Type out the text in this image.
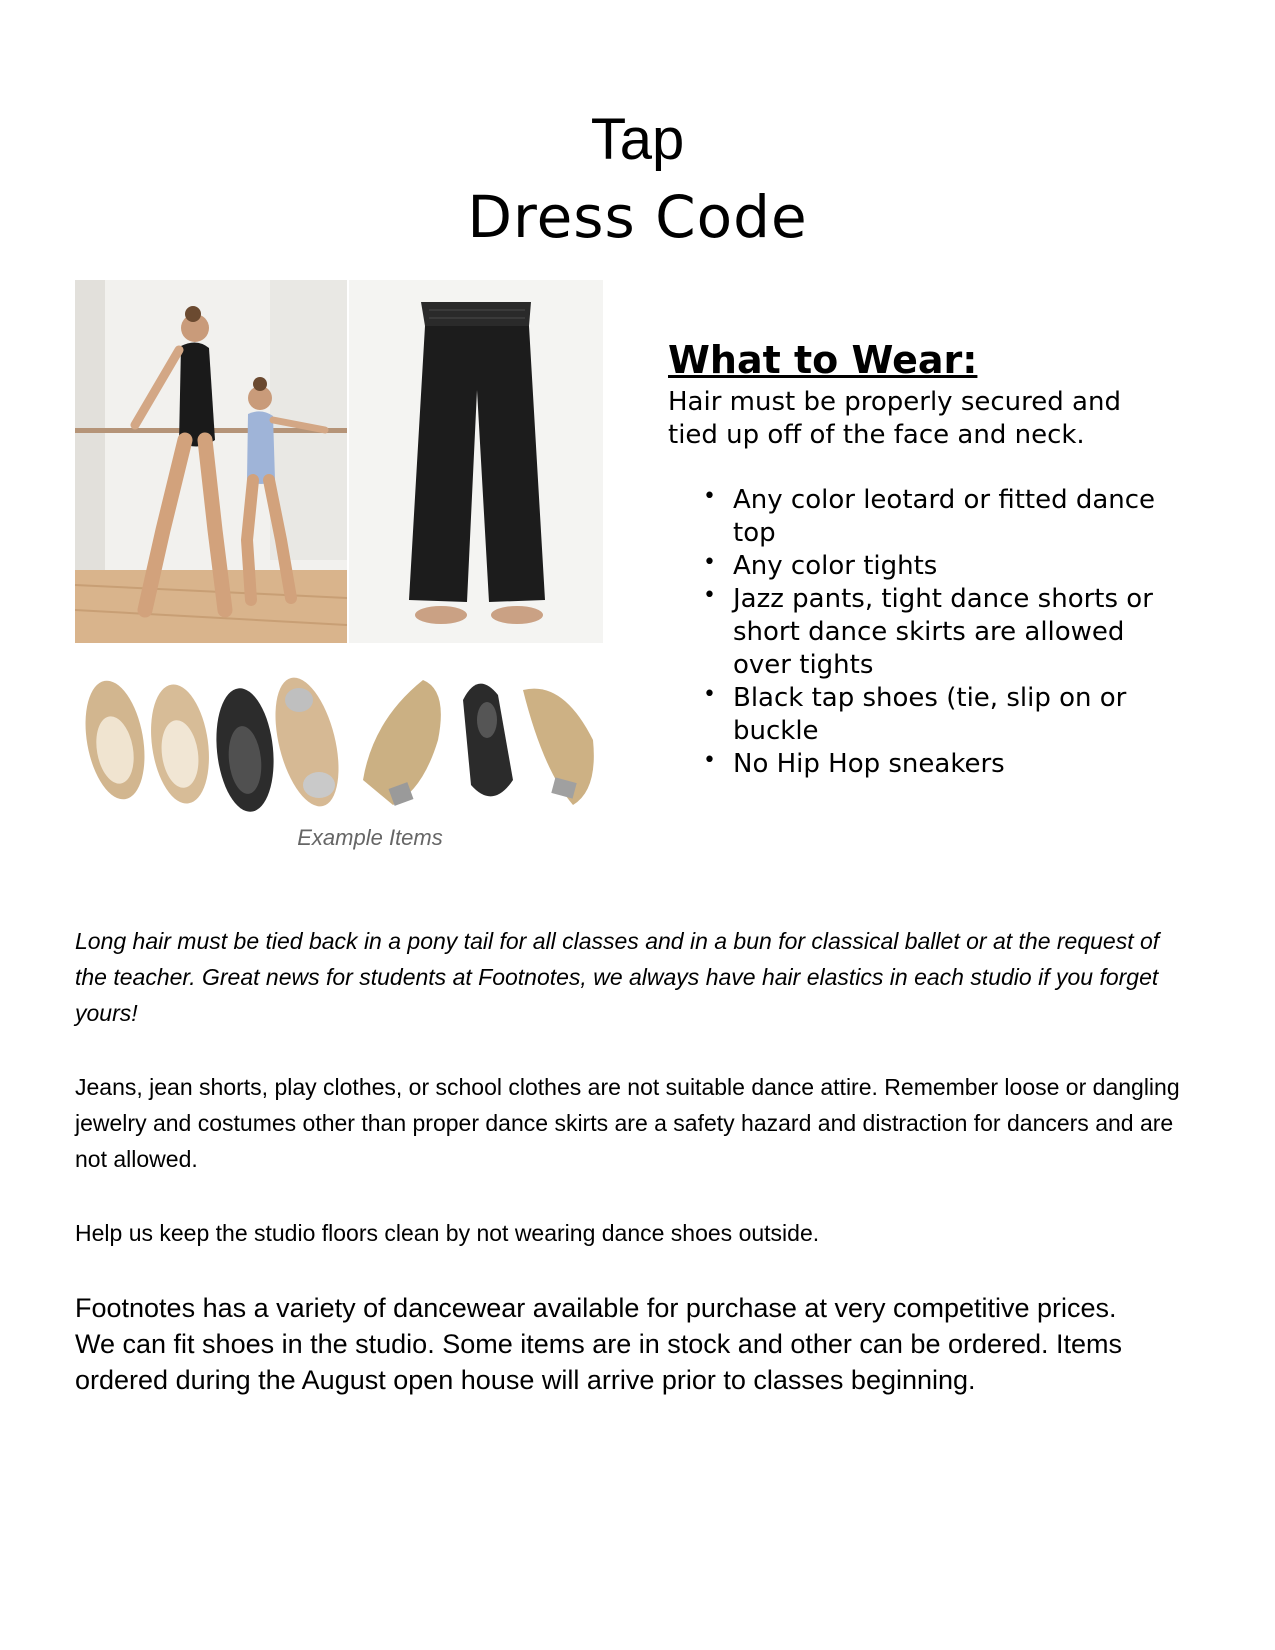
Tap
Dress Code
Example Items
What to Wear:
Hair must be properly secured and tied up off of the face and neck.
• Any color leotard or fitted dance top
• Any color tights
• Jazz pants, tight dance shorts or short dance skirts are allowed over tights
• Black tap shoes (tie, slip on or buckle
• No Hip Hop sneakers
Long hair must be tied back in a pony tail for all classes and in a bun for classical ballet or at the request of the teacher. Great news for students at Footnotes, we always have hair elastics in each studio if you forget yours!
Jeans, jean shorts, play clothes, or school clothes are not suitable dance attire. Remember loose or dangling jewelry and costumes other than proper dance skirts are a safety hazard and distraction for dancers and are not allowed.
Help us keep the studio floors clean by not wearing dance shoes outside.
Footnotes has a variety of dancewear available for purchase at very competitive prices. We can fit shoes in the studio. Some items are in stock and other can be ordered. Items ordered during the August open house will arrive prior to classes beginning.
